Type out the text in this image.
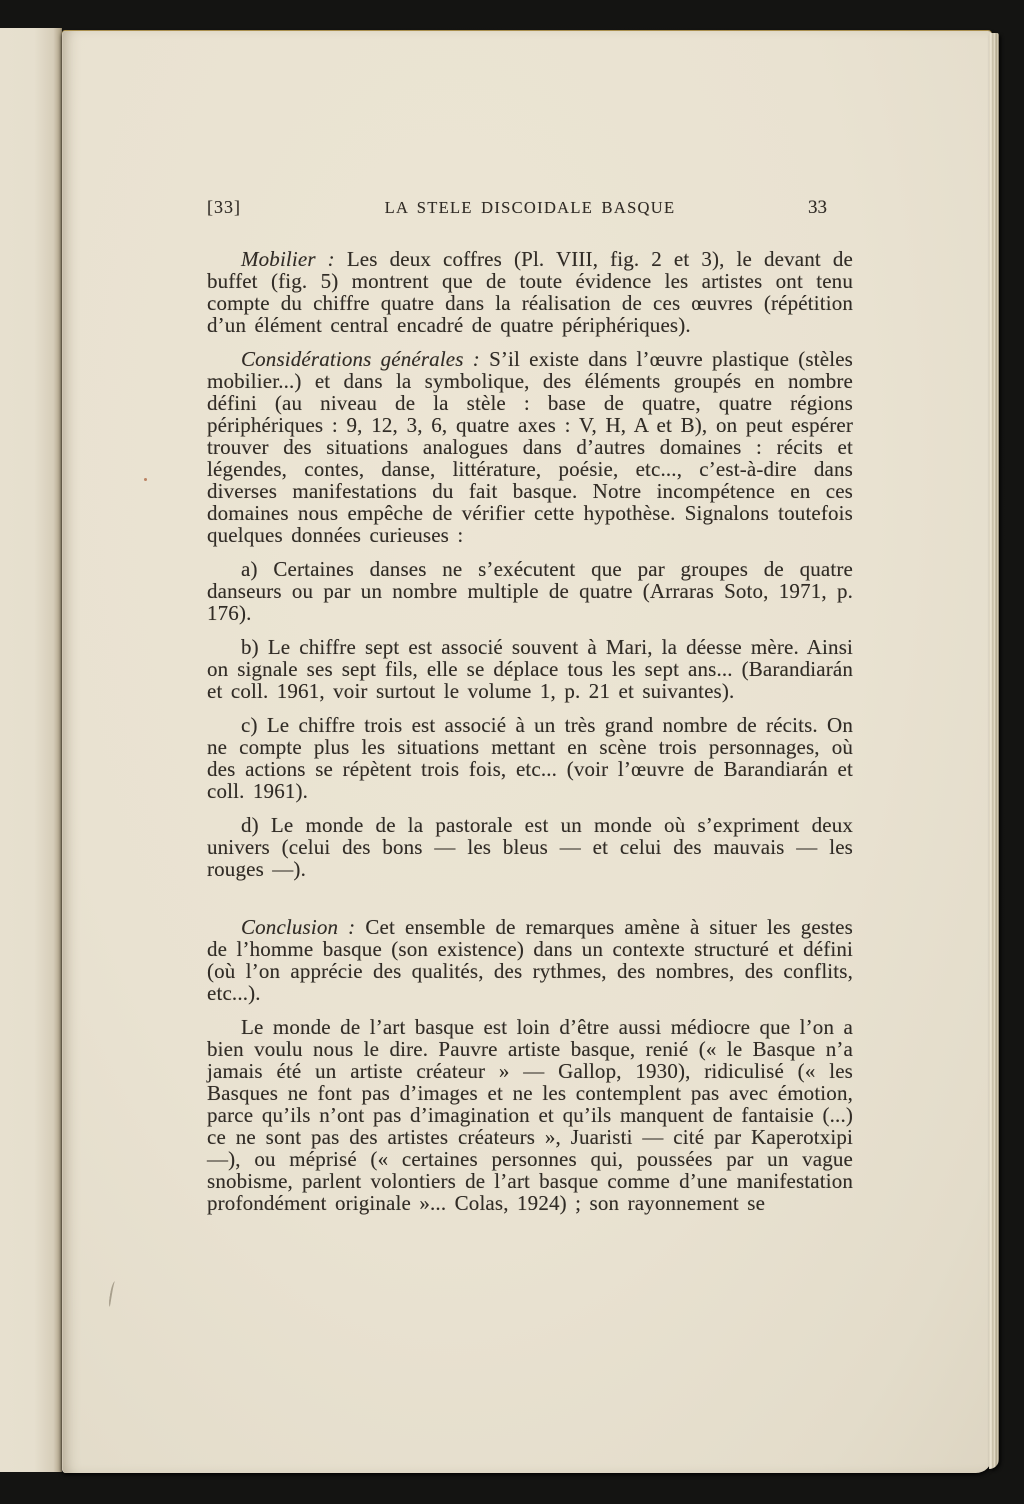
[33]	LA STELE DISCOIDALE BASQUE	33

Mobilier : Les deux coffres (Pl. VIII, fig. 2 et 3), le devant de buffet (fig. 5) montrent que de toute évidence les artistes ont tenu compte du chiffre quatre dans la réalisation de ces œuvres (répétition d’un élément central encadré de quatre périphériques).

Considérations générales : S’il existe dans l’œuvre plastique (stèles mobilier...) et dans la symbolique, des éléments groupés en nombre défini (au niveau de la stèle : base de quatre, quatre régions périphériques : 9, 12, 3, 6, quatre axes : V, H, A et B), on peut espérer trouver des situations analogues dans d’autres domaines : récits et légendes, contes, danse, littérature, poésie, etc..., c’est-à-dire dans diverses manifestations du fait basque. Notre incompétence en ces domaines nous empêche de vérifier cette hypothèse. Signalons toutefois quelques données curieuses :

a) Certaines danses ne s’exécutent que par groupes de quatre danseurs ou par un nombre multiple de quatre (Arraras Soto, 1971, p. 176).

b) Le chiffre sept est associé souvent à Mari, la déesse mère. Ainsi on signale ses sept fils, elle se déplace tous les sept ans... (Barandiarán et coll. 1961, voir surtout le volume 1, p. 21 et suivantes).

c) Le chiffre trois est associé à un très grand nombre de récits. On ne compte plus les situations mettant en scène trois personnages, où des actions se répètent trois fois, etc... (voir l’œuvre de Barandiarán et coll. 1961).

d) Le monde de la pastorale est un monde où s’expriment deux univers (celui des bons — les bleus — et celui des mauvais — les rouges —).

Conclusion : Cet ensemble de remarques amène à situer les gestes de l’homme basque (son existence) dans un contexte structuré et défini (où l’on apprécie des qualités, des rythmes, des nombres, des conflits, etc...).

Le monde de l’art basque est loin d’être aussi médiocre que l’on a bien voulu nous le dire. Pauvre artiste basque, renié (« le Basque n’a jamais été un artiste créateur » — Gallop, 1930), ridiculisé (« les Basques ne font pas d’images et ne les contemplent pas avec émotion, parce qu’ils n’ont pas d’imagination et qu’ils manquent de fantaisie (...) ce ne sont pas des artistes créateurs », Juaristi — cité par Kaperotxipi —), ou méprisé (« certaines personnes qui, poussées par un vague snobisme, parlent volontiers de l’art basque comme d’une manifestation profondément originale »... Colas, 1924) ; son rayonnement se
